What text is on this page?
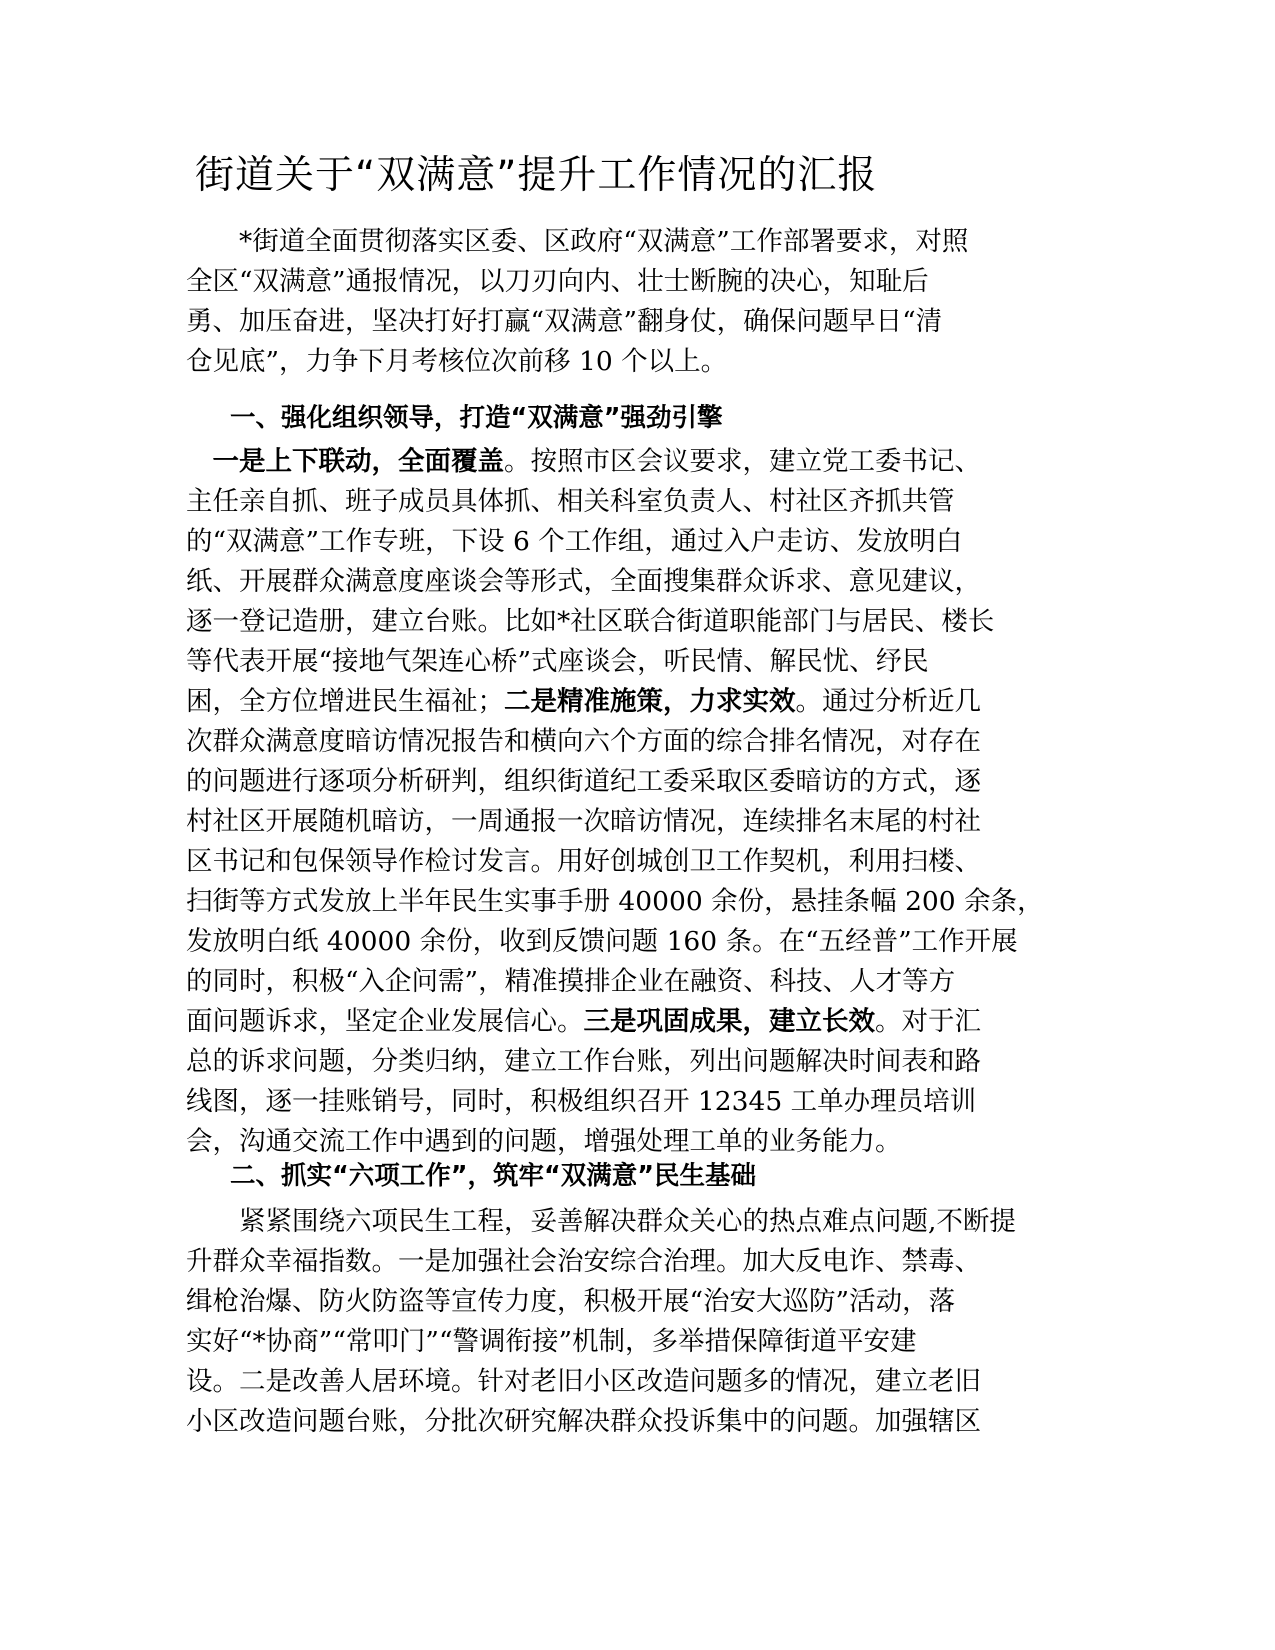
街道关于“双满意”提升工作情况的汇报
　　*街道全面贯彻落实区委、区政府“双满意”工作部署要求，对照
全区“双满意”通报情况，以刀刃向内、壮士断腕的决心，知耻后
勇、加压奋进，坚决打好打赢“双满意”翻身仗，确保问题早日“清
仓见底”，力争下月考核位次前移 10 个以上。
一、强化组织领导，打造“双满意”强劲引擎
　一是上下联动，全面覆盖。按照市区会议要求，建立党工委书记、
主任亲自抓、班子成员具体抓、相关科室负责人、村社区齐抓共管
的“双满意”工作专班，下设 6 个工作组，通过入户走访、发放明白
纸、开展群众满意度座谈会等形式，全面搜集群众诉求、意见建议，
逐一登记造册，建立台账。比如*社区联合街道职能部门与居民、楼长
等代表开展“接地气架连心桥”式座谈会，听民情、解民忧、纾民
困，全方位增进民生福祉；二是精准施策，力求实效。通过分析近几
次群众满意度暗访情况报告和横向六个方面的综合排名情况，对存在
的问题进行逐项分析研判，组织街道纪工委采取区委暗访的方式，逐
村社区开展随机暗访，一周通报一次暗访情况，连续排名末尾的村社
区书记和包保领导作检讨发言。用好创城创卫工作契机，利用扫楼、
扫街等方式发放上半年民生实事手册 40000 余份，悬挂条幅 200 余条，
发放明白纸 40000 余份，收到反馈问题 160 条。在“五经普”工作开展
的同时，积极“入企问需”，精准摸排企业在融资、科技、人才等方
面问题诉求，坚定企业发展信心。三是巩固成果，建立长效。对于汇
总的诉求问题，分类归纳，建立工作台账，列出问题解决时间表和路
线图，逐一挂账销号，同时，积极组织召开 12345 工单办理员培训
会，沟通交流工作中遇到的问题，增强处理工单的业务能力。
二、抓实“六项工作”，筑牢“双满意”民生基础
　　紧紧围绕六项民生工程，妥善解决群众关心的热点难点问题,不断提
升群众幸福指数。一是加强社会治安综合治理。加大反电诈、禁毒、
缉枪治爆、防火防盗等宣传力度，积极开展“治安大巡防”活动，落
实好“*协商”“常叩门”“警调衔接”机制，多举措保障街道平安建
设。二是改善人居环境。针对老旧小区改造问题多的情况，建立老旧
小区改造问题台账，分批次研究解决群众投诉集中的问题。加强辖区
